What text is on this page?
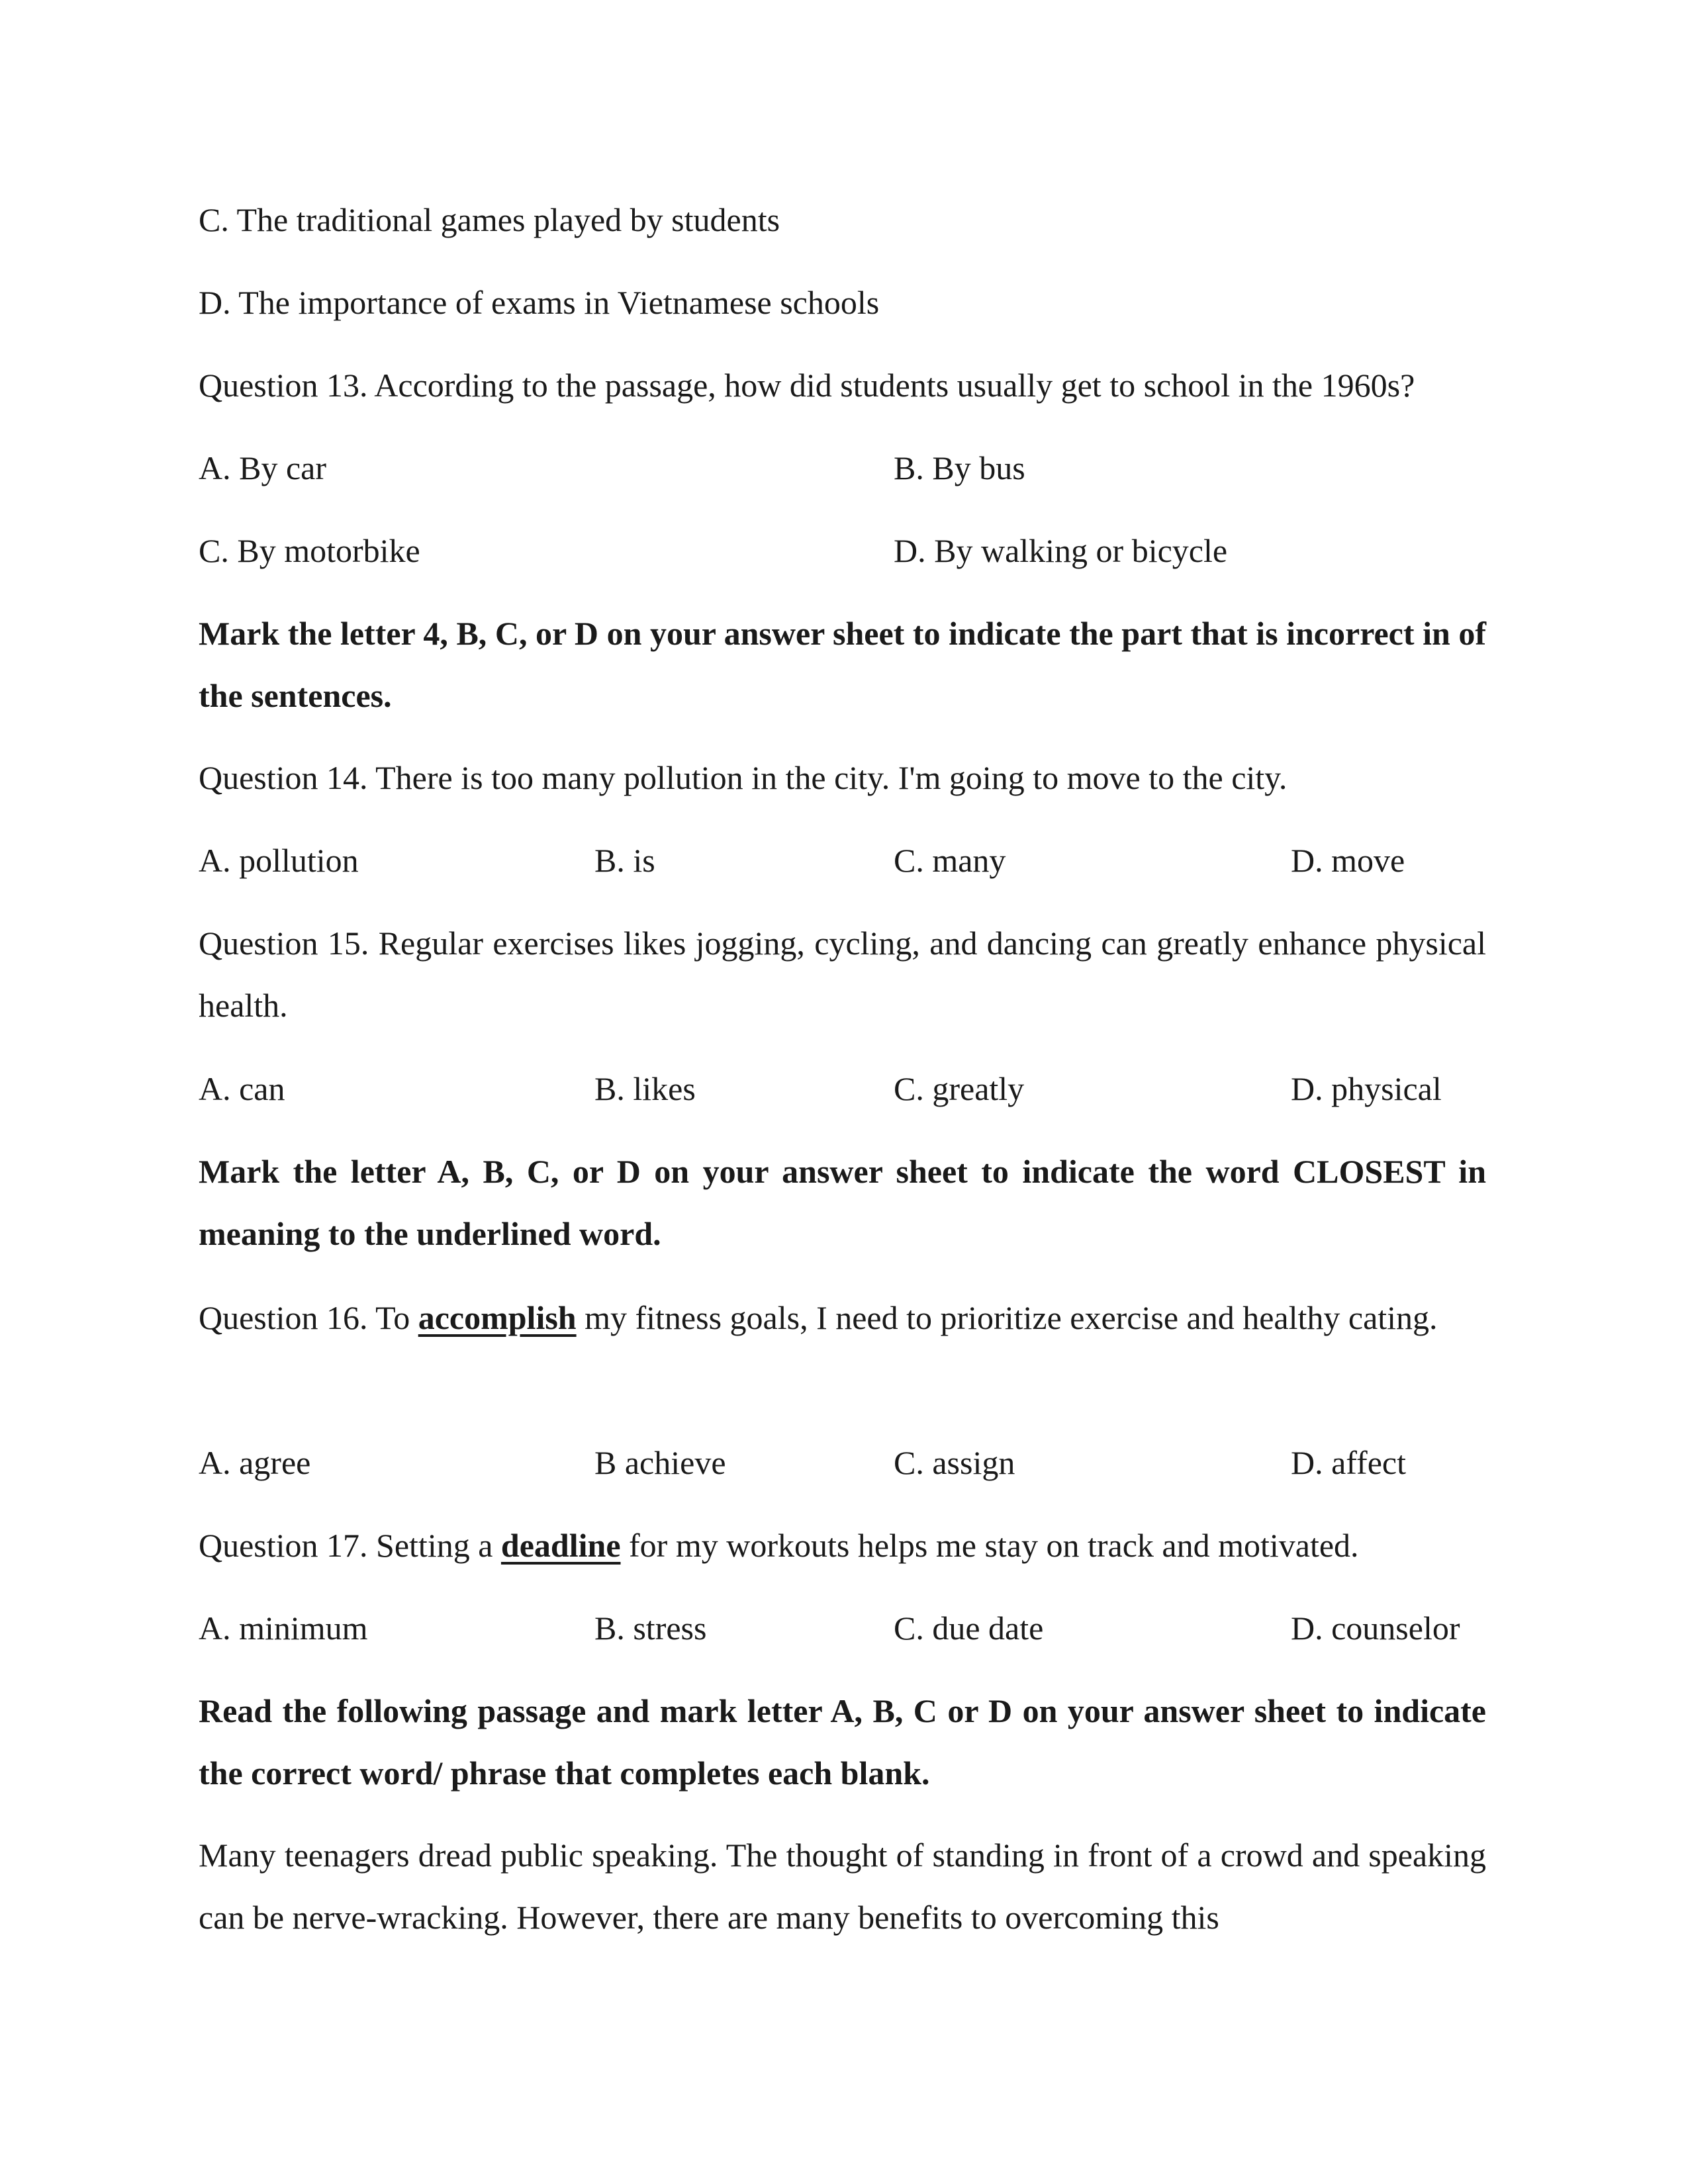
C. The traditional games played by students
D. The importance of exams in Vietnamese schools
Question 13. According to the passage, how did students usually get to school in the 1960s?
A. By car	B. By bus
C. By motorbike	D. By walking or bicycle
Mark the letter 4, B, C, or D on your answer sheet to indicate the part that is incorrect in of the sentences.
Question 14. There is too many pollution in the city. I'm going to move to the city.
A. pollution	B. is	C. many	D. move
Question 15. Regular exercises likes jogging, cycling, and dancing can greatly enhance physical health.
A. can	B. likes	C. greatly	D. physical
Mark the letter A, B, C, or D on your answer sheet to indicate the word CLOSEST in meaning to the underlined word.
Question 16. To accomplish my fitness goals, I need to prioritize exercise and healthy cating.
A. agree	B achieve	C. assign	D. affect
Question 17. Setting a deadline for my workouts helps me stay on track and motivated.
A. minimum	B. stress	C. due date	D. counselor
Read the following passage and mark letter A, B, C or D on your answer sheet to indicate the correct word/ phrase that completes each blank.
Many teenagers dread public speaking. The thought of standing in front of a crowd and speaking can be nerve-wracking. However, there are many benefits to overcoming this
